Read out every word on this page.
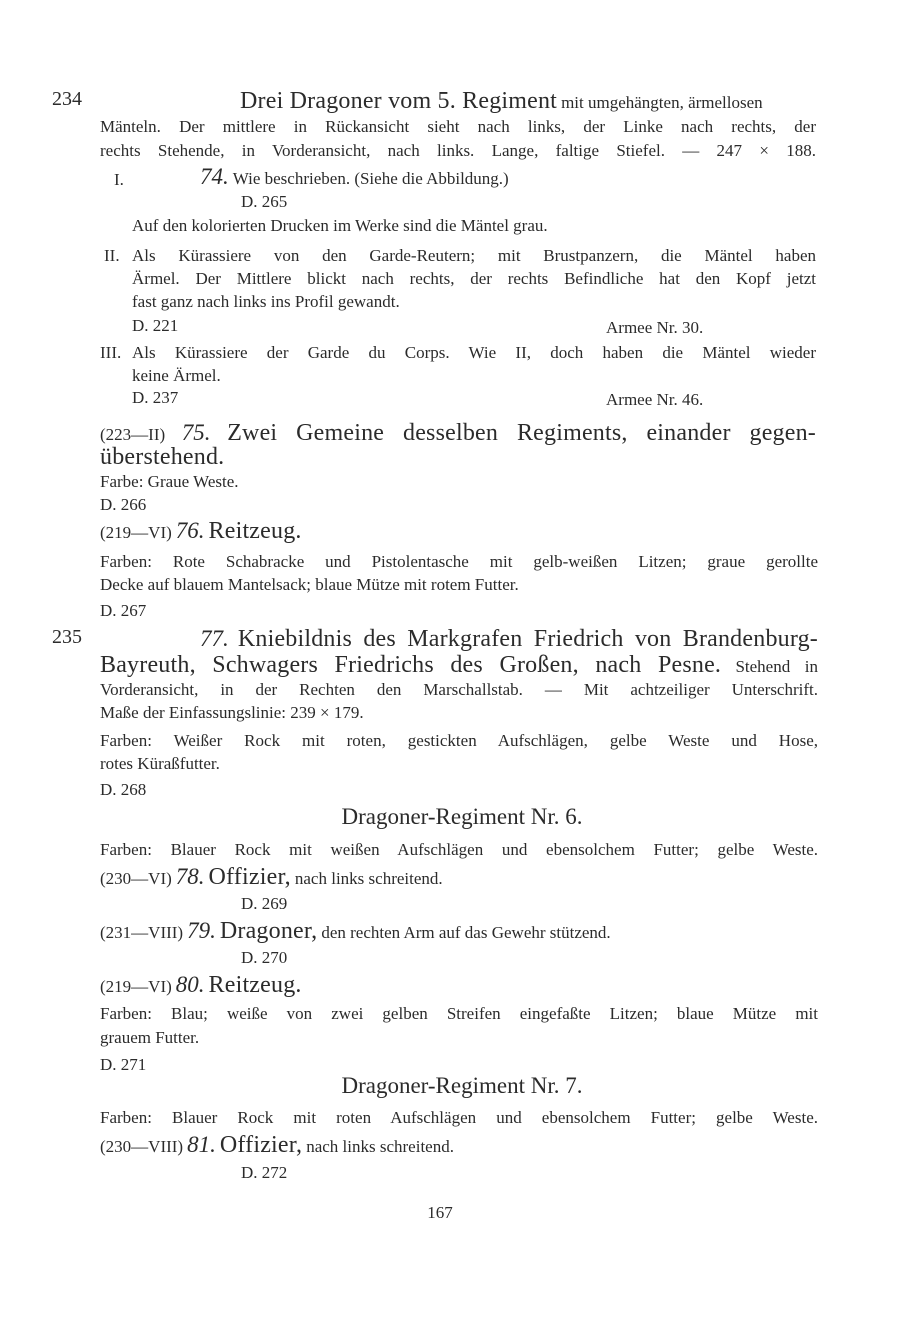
234	Drei Dragoner vom 5. Regiment mit umgehängten, ärmellosen
Mänteln. Der mittlere in Rückansicht sieht nach links, der Linke nach rechts, der
rechts Stehende, in Vorderansicht, nach links. Lange, faltige Stiefel. — 247 × 188.
I.	74. Wie beschrieben. (Siehe die Abbildung.)
D. 265
Auf den kolorierten Drucken im Werke sind die Mäntel grau.
II. Als Kürassiere von den Garde-Reutern; mit Brustpanzern, die Mäntel haben
Ärmel. Der Mittlere blickt nach rechts, der rechts Befindliche hat den Kopf jetzt
fast ganz nach links ins Profil gewandt.
D. 221	Armee Nr. 30.
III. Als Kürassiere der Garde du Corps. Wie II, doch haben die Mäntel wieder
keine Ärmel.
D. 237	Armee Nr. 46.
(223—II) 75. Zwei Gemeine desselben Regiments, einander gegen-
überstehend.
Farbe: Graue Weste.
D. 266
(219—VI) 76. Reitzeug.
Farben: Rote Schabracke und Pistolentasche mit gelb-weißen Litzen; graue gerollte
Decke auf blauem Mantelsack; blaue Mütze mit rotem Futter.
D. 267
235	77. Kniebildnis des Markgrafen Friedrich von Brandenburg-
Bayreuth, Schwagers Friedrichs des Großen, nach Pesne. Stehend in
Vorderansicht, in der Rechten den Marschallstab. — Mit achtzeiliger Unterschrift.
Maße der Einfassungslinie: 239 × 179.
Farben: Weißer Rock mit roten, gestickten Aufschlägen, gelbe Weste und Hose,
rotes Küraßfutter.
D. 268
Dragoner-Regiment Nr. 6.
Farben: Blauer Rock mit weißen Aufschlägen und ebensolchem Futter; gelbe Weste.
(230—VI) 78. Offizier, nach links schreitend.
D. 269
(231—VIII) 79. Dragoner, den rechten Arm auf das Gewehr stützend.
D. 270
(219—VI) 80. Reitzeug.
Farben: Blau; weiße von zwei gelben Streifen eingefaßte Litzen; blaue Mütze mit
grauem Futter.
D. 271
Dragoner-Regiment Nr. 7.
Farben: Blauer Rock mit roten Aufschlägen und ebensolchem Futter; gelbe Weste.
(230—VIII) 81. Offizier, nach links schreitend.
D. 272
167
